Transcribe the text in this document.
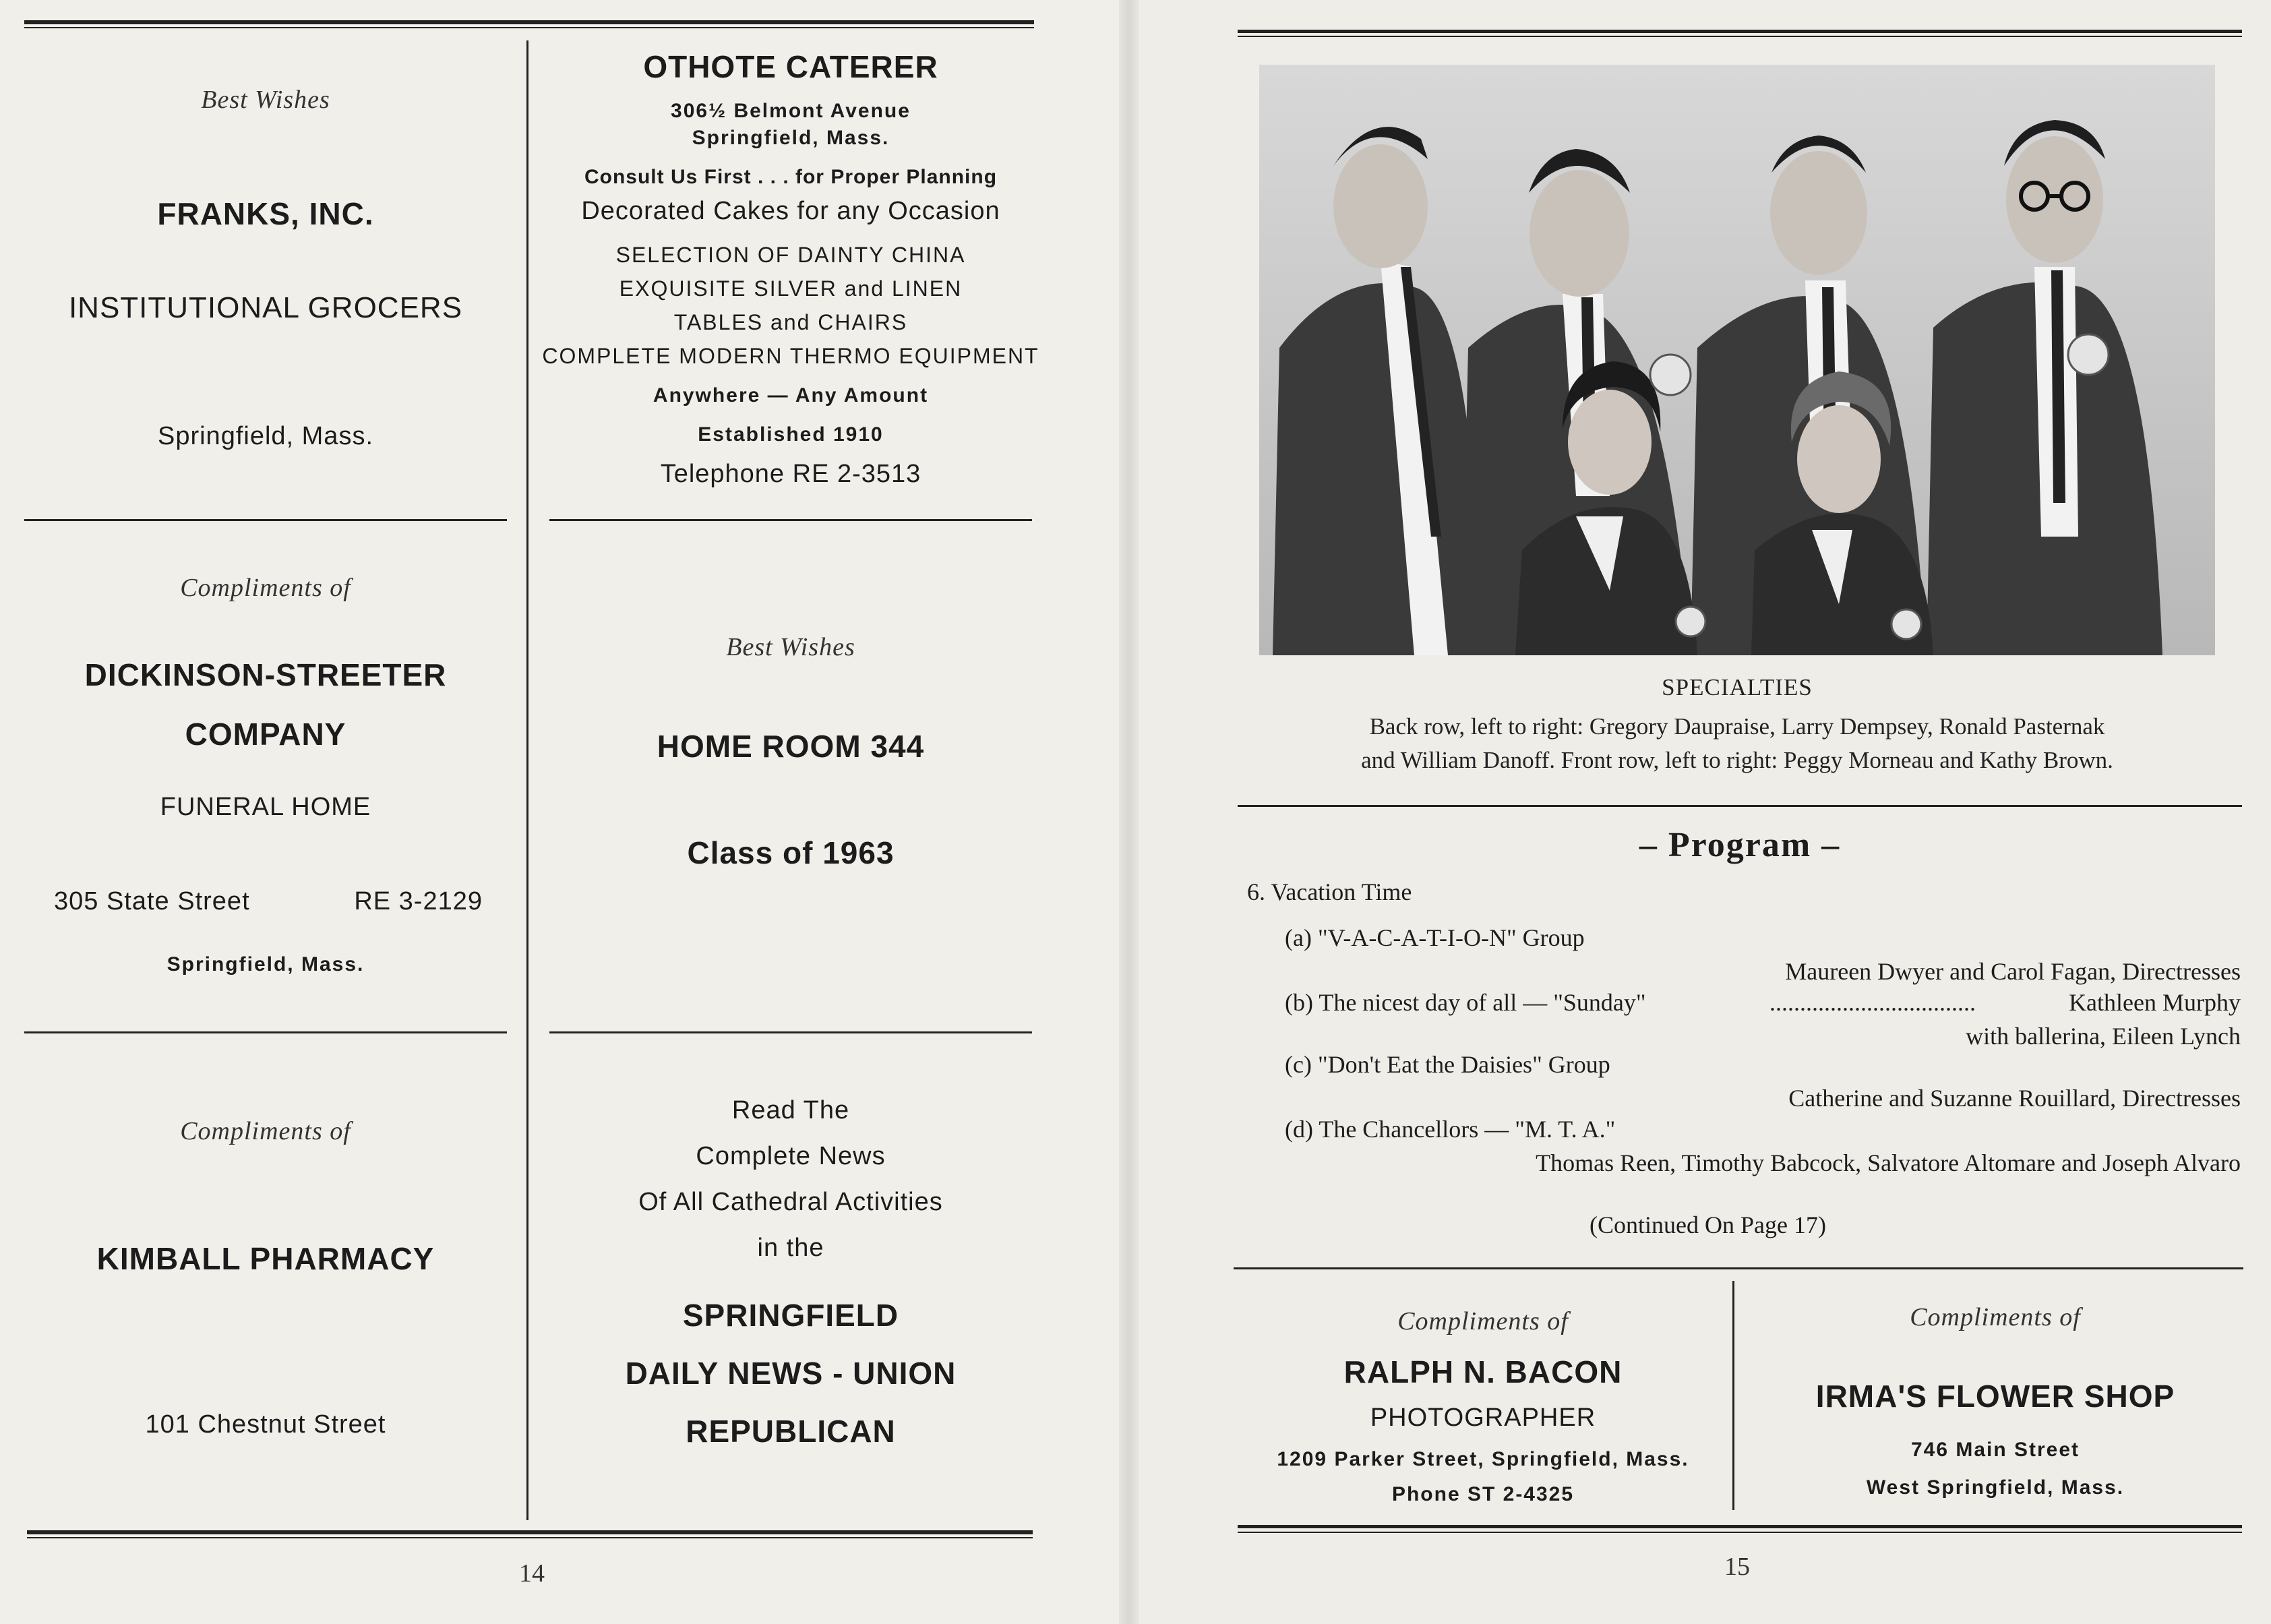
Best Wishes
FRANKS, INC.
INSTITUTIONAL GROCERS
Springfield, Mass.
OTHOTE CATERER
306½ Belmont Avenue
Springfield, Mass.
Consult Us First . . . for Proper Planning
Decorated Cakes for any Occasion
SELECTION OF DAINTY CHINA
EXQUISITE SILVER and LINEN
TABLES and CHAIRS
COMPLETE MODERN THERMO EQUIPMENT
Anywhere — Any Amount
Established 1910
Telephone RE 2-3513
Compliments of
DICKINSON-STREETER
COMPANY
FUNERAL HOME
305 State Street	RE 3-2129
Springfield, Mass.
Best Wishes
HOME ROOM 344
Class of 1963
Compliments of
KIMBALL PHARMACY
101 Chestnut Street
Read The
Complete News
Of All Cathedral Activities
in the
SPRINGFIELD
DAILY NEWS - UNION
REPUBLICAN
14
SPECIALTIES
Back row, left to right: Gregory Daupraise, Larry Dempsey, Ronald Pasternak
and William Danoff. Front row, left to right: Peggy Morneau and Kathy Brown.
– Program –
6. Vacation Time
(a) "V-A-C-A-T-I-O-N" Group
Maureen Dwyer and Carol Fagan, Directresses
(b) The nicest day of all — "Sunday"	..................................	Kathleen Murphy
with ballerina, Eileen Lynch
(c) "Don't Eat the Daisies" Group
Catherine and Suzanne Rouillard, Directresses
(d) The Chancellors — "M. T. A."
Thomas Reen, Timothy Babcock, Salvatore Altomare and Joseph Alvaro
(Continued On Page 17)
Compliments of
RALPH N. BACON
PHOTOGRAPHER
1209 Parker Street, Springfield, Mass.
Phone ST 2-4325
Compliments of
IRMA'S FLOWER SHOP
746 Main Street
West Springfield, Mass.
15
